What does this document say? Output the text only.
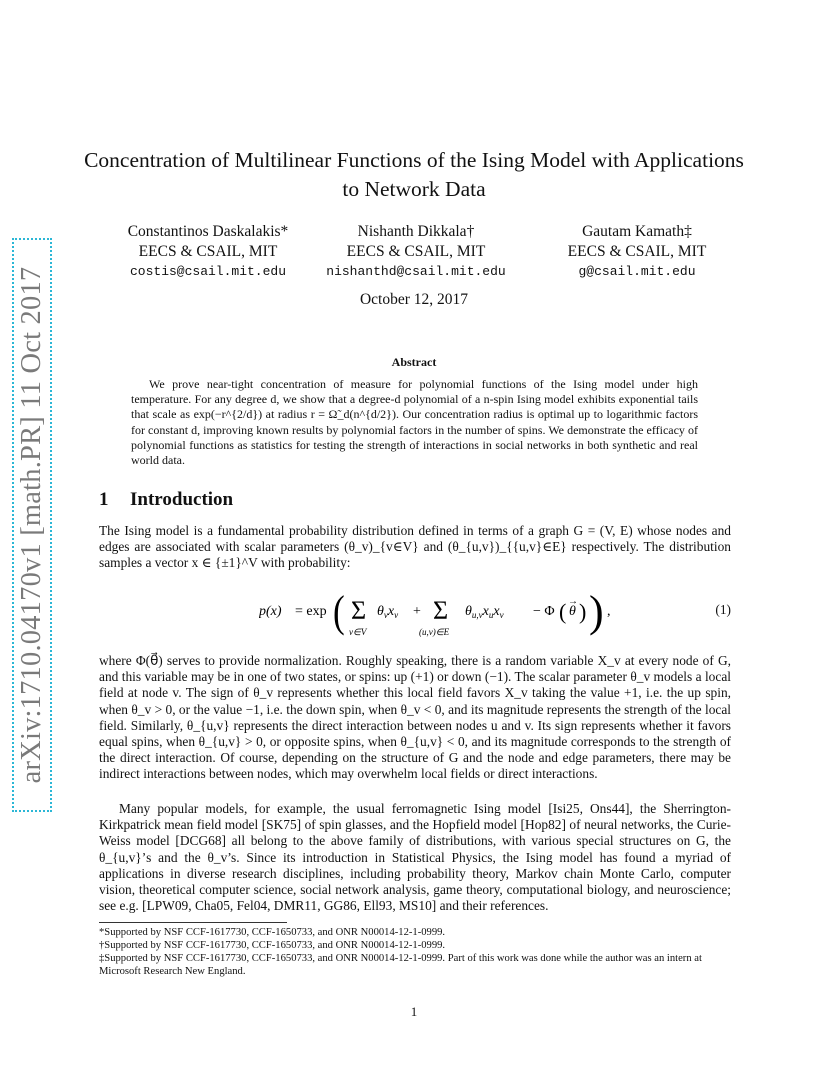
arXiv:1710.04170v1 [math.PR] 11 Oct 2017
Concentration of Multilinear Functions of the Ising Model with Applications to Network Data
Constantinos Daskalakis*
EECS & CSAIL, MIT
costis@csail.mit.edu
Nishanth Dikkala†
EECS & CSAIL, MIT
nishanthd@csail.mit.edu
Gautam Kamath‡
EECS & CSAIL, MIT
g@csail.mit.edu
October 12, 2017
Abstract
We prove near-tight concentration of measure for polynomial functions of the Ising model under high temperature. For any degree d, we show that a degree-d polynomial of a n-spin Ising model exhibits exponential tails that scale as exp(−r^{2/d}) at radius r = Ω̃_d(n^{d/2}). Our concentration radius is optimal up to logarithmic factors for constant d, improving known results by polynomial factors in the number of spins. We demonstrate the efficacy of polynomial functions as statistics for testing the strength of interactions in social networks in both synthetic and real world data.
1 Introduction
The Ising model is a fundamental probability distribution defined in terms of a graph G = (V, E) whose nodes and edges are associated with scalar parameters (θ_v)_{v∈V} and (θ_{u,v})_{{u,v}∈E} respectively. The distribution samples a vector x ∈ {±1}^V with probability:
p(x) = exp ( Σ
v∈V
$\theta_vx_v + \Sigma$
(u,v)∈E
$\theta_{u,v}x_ux_v - \Phi$ ( θ
→ ) ) ,	(1)
where Φ(θ⃗) serves to provide normalization. Roughly speaking, there is a random variable X_v at every node of G, and this variable may be in one of two states, or spins: up (+1) or down (−1). The scalar parameter θ_v models a local field at node v. The sign of θ_v represents whether this local field favors X_v taking the value +1, i.e. the up spin, when θ_v > 0, or the value −1, i.e. the down spin, when θ_v < 0, and its magnitude represents the strength of the local field. Similarly, θ_{u,v} represents the direct interaction between nodes u and v. Its sign represents whether it favors equal spins, when θ_{u,v} > 0, or opposite spins, when θ_{u,v} < 0, and its magnitude corresponds to the strength of the direct interaction. Of course, depending on the structure of G and the node and edge parameters, there may be indirect interactions between nodes, which may overwhelm local fields or direct interactions.
Many popular models, for example, the usual ferromagnetic Ising model [Isi25, Ons44], the Sherrington-Kirkpatrick mean field model [SK75] of spin glasses, and the Hopfield model [Hop82] of neural networks, the Curie-Weiss model [DCG68] all belong to the above family of distributions, with various special structures on G, the θ_{u,v}’s and the θ_v’s. Since its introduction in Statistical Physics, the Ising model has found a myriad of applications in diverse research disciplines, including probability theory, Markov chain Monte Carlo, computer vision, theoretical computer science, social network analysis, game theory, computational biology, and neuroscience; see e.g. [LPW09, Cha05, Fel04, DMR11, GG86, Ell93, MS10] and their references.
*Supported by NSF CCF-1617730, CCF-1650733, and ONR N00014-12-1-0999.
†Supported by NSF CCF-1617730, CCF-1650733, and ONR N00014-12-1-0999.
‡Supported by NSF CCF-1617730, CCF-1650733, and ONR N00014-12-1-0999. Part of this work was done while the author was an intern at Microsoft Research New England.
1
